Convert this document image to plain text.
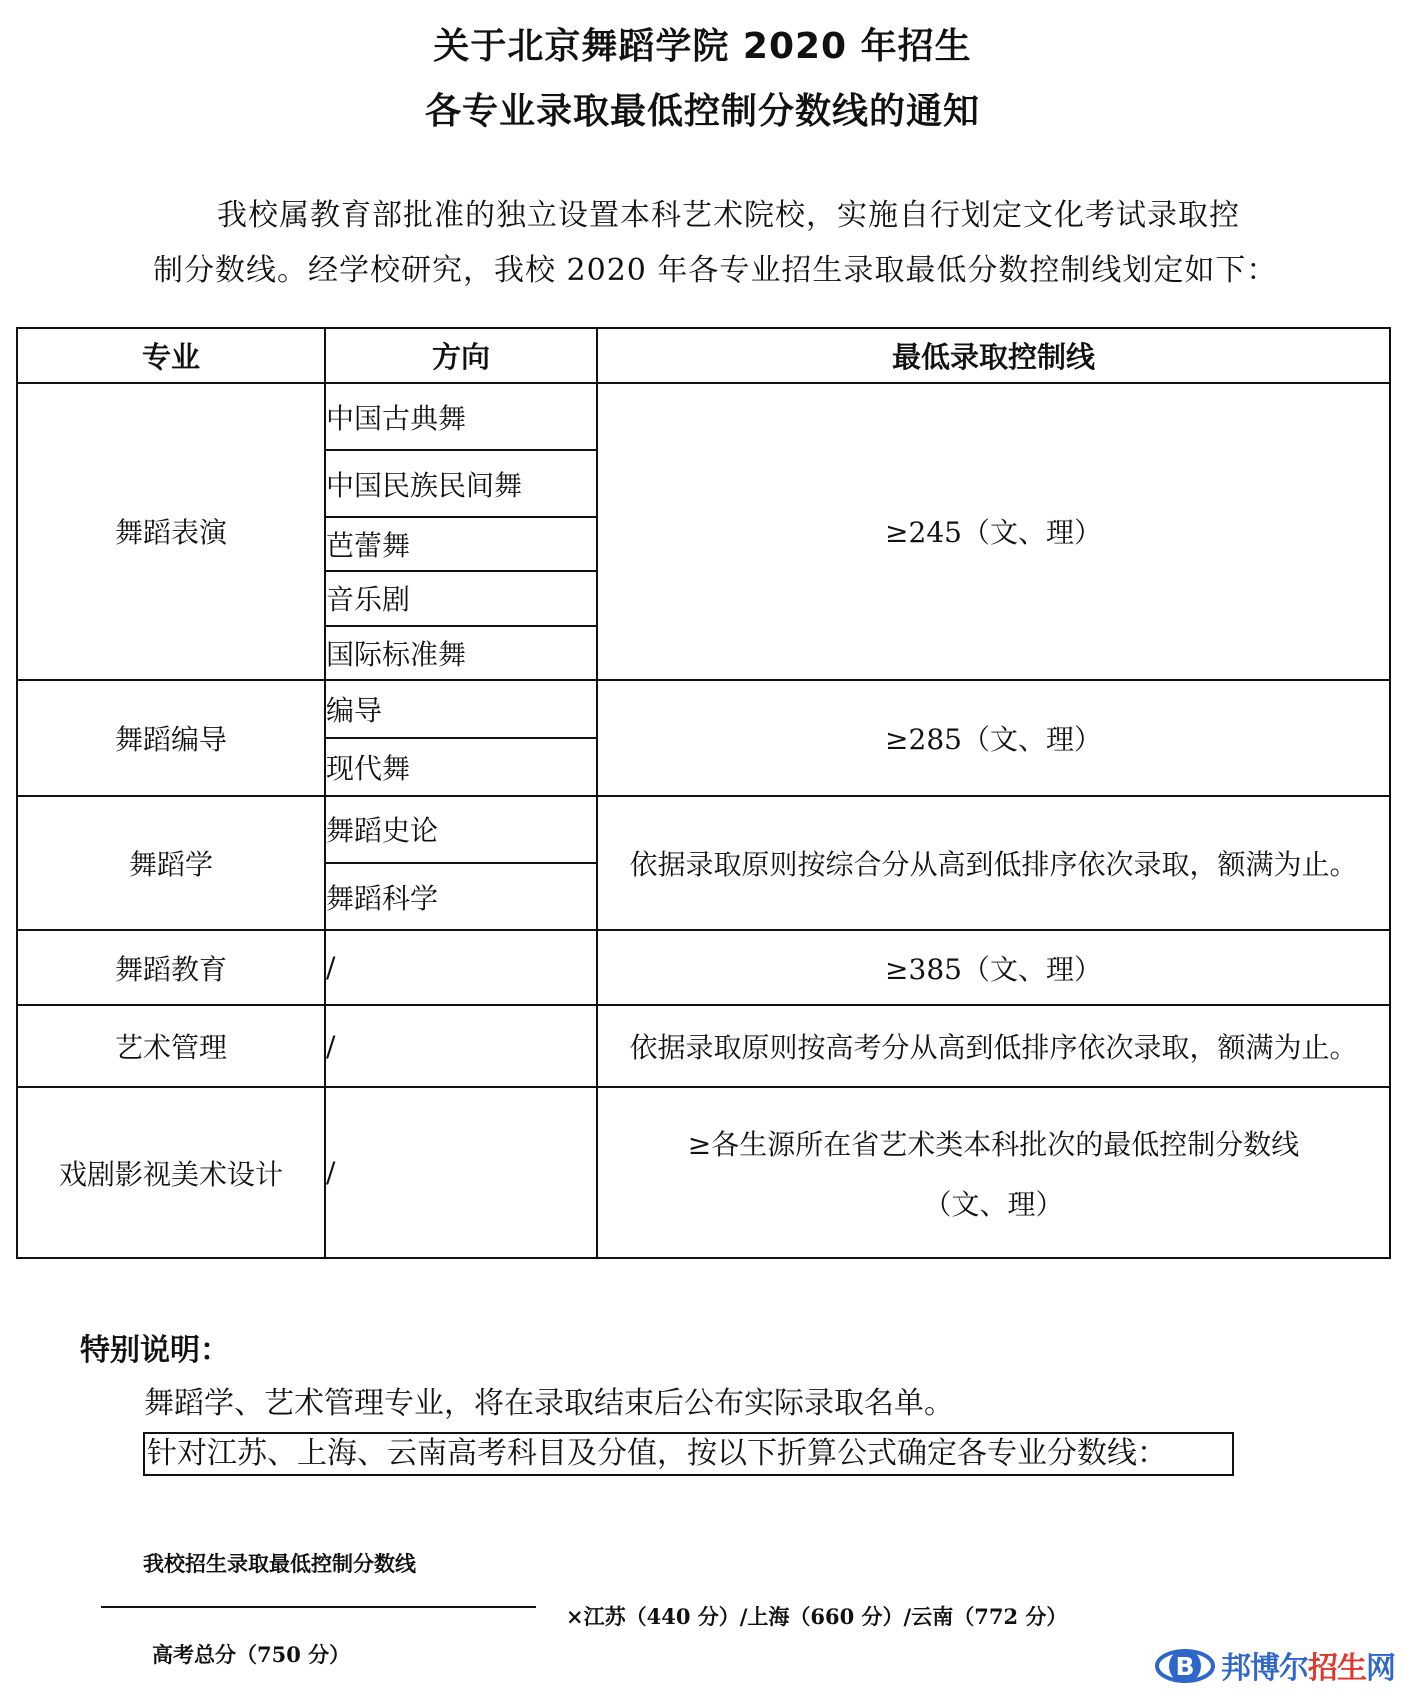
关于北京舞蹈学院 2020 年招生
各专业录取最低控制分数线的通知
我校属教育部批准的独立设置本科艺术院校，实施自行划定文化考试录取控
制分数线。经学校研究，我校 2020 年各专业招生录取最低分数控制线划定如下：
专业	方向	最低录取控制线
舞蹈表演	中国古典舞	≥245（文、理）
	中国民族民间舞	
	芭蕾舞	
	音乐剧	
	国际标准舞	
舞蹈编导	编导	≥285（文、理）
	现代舞	
舞蹈学	舞蹈史论	依据录取原则按综合分从高到低排序依次录取，额满为止。
	舞蹈科学	
舞蹈教育	/	≥385（文、理）
艺术管理	/	依据录取原则按高考分从高到低排序依次录取，额满为止。
戏剧影视美术设计	/	≥各生源所在省艺术类本科批次的最低控制分数线
（文、理）
特别说明：
舞蹈学、艺术管理专业，将在录取结束后公布实际录取名单。
针对江苏、上海、云南高考科目及分值，按以下折算公式确定各专业分数线：
我校招生录取最低控制分数线
×江苏（440 分）/上海（660 分）/云南（772 分）
高考总分（750 分）	B 邦博尔招生网
